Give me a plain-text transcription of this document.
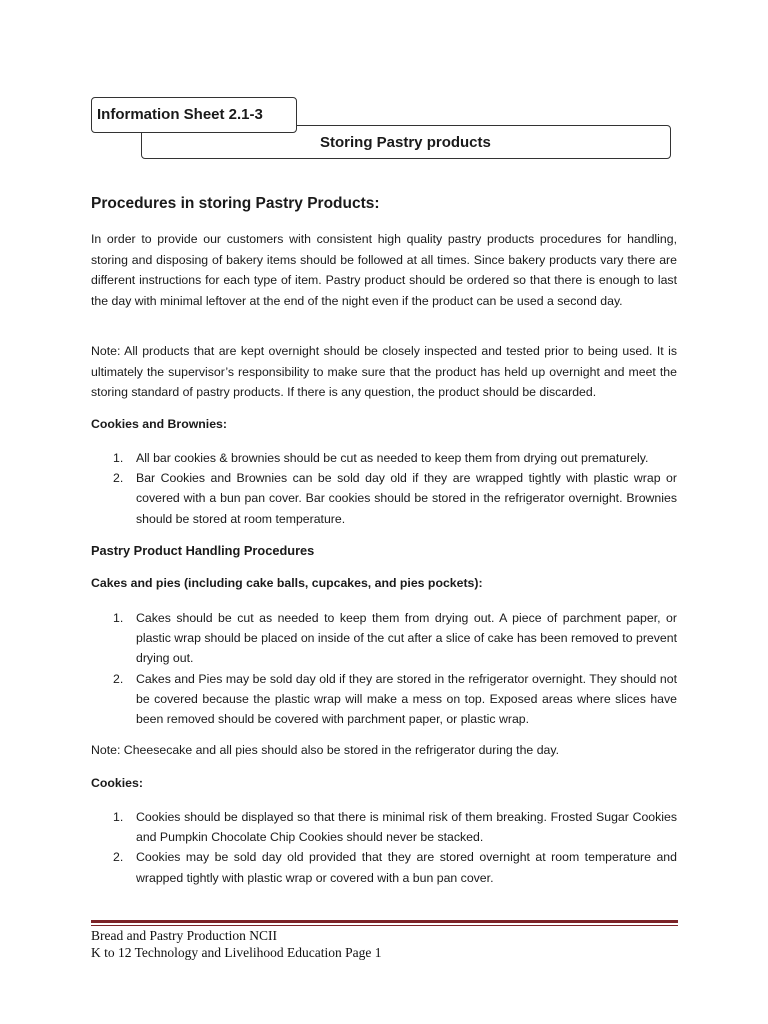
Information Sheet 2.1-3
Storing Pastry products
Procedures in storing Pastry Products:

In order to provide our customers with consistent high quality pastry products procedures for handling, storing and disposing of bakery items should be followed at all times. Since bakery products vary there are different instructions for each type of item. Pastry product should be ordered so that there is enough to last the day with minimal leftover at the end of the night even if the product can be used a second day.

Note: All products that are kept overnight should be closely inspected and tested prior to being used. It is ultimately the supervisor’s responsibility to make sure that the product has held up overnight and meet the storing standard of pastry products. If there is any question, the product should be discarded.

Cookies and Brownies:

1. All bar cookies & brownies should be cut as needed to keep them from drying out prematurely.
2. Bar Cookies and Brownies can be sold day old if they are wrapped tightly with plastic wrap or covered with a bun pan cover. Bar cookies should be stored in the refrigerator overnight. Brownies should be stored at room temperature.

Pastry Product Handling Procedures

Cakes and pies (including cake balls, cupcakes, and pies pockets):

1. Cakes should be cut as needed to keep them from drying out. A piece of parchment paper, or plastic wrap should be placed on inside of the cut after a slice of cake has been removed to prevent drying out.
2. Cakes and Pies may be sold day old if they are stored in the refrigerator overnight. They should not be covered because the plastic wrap will make a mess on top. Exposed areas where slices have been removed should be covered with parchment paper, or plastic wrap.

Note: Cheesecake and all pies should also be stored in the refrigerator during the day.

Cookies:

1. Cookies should be displayed so that there is minimal risk of them breaking. Frosted Sugar Cookies and Pumpkin Chocolate Chip Cookies should never be stacked.
2. Cookies may be sold day old provided that they are stored overnight at room temperature and wrapped tightly with plastic wrap or covered with a bun pan cover.

Bread and Pastry Production NCII

K to 12 Technology and Livelihood Education Page 1
